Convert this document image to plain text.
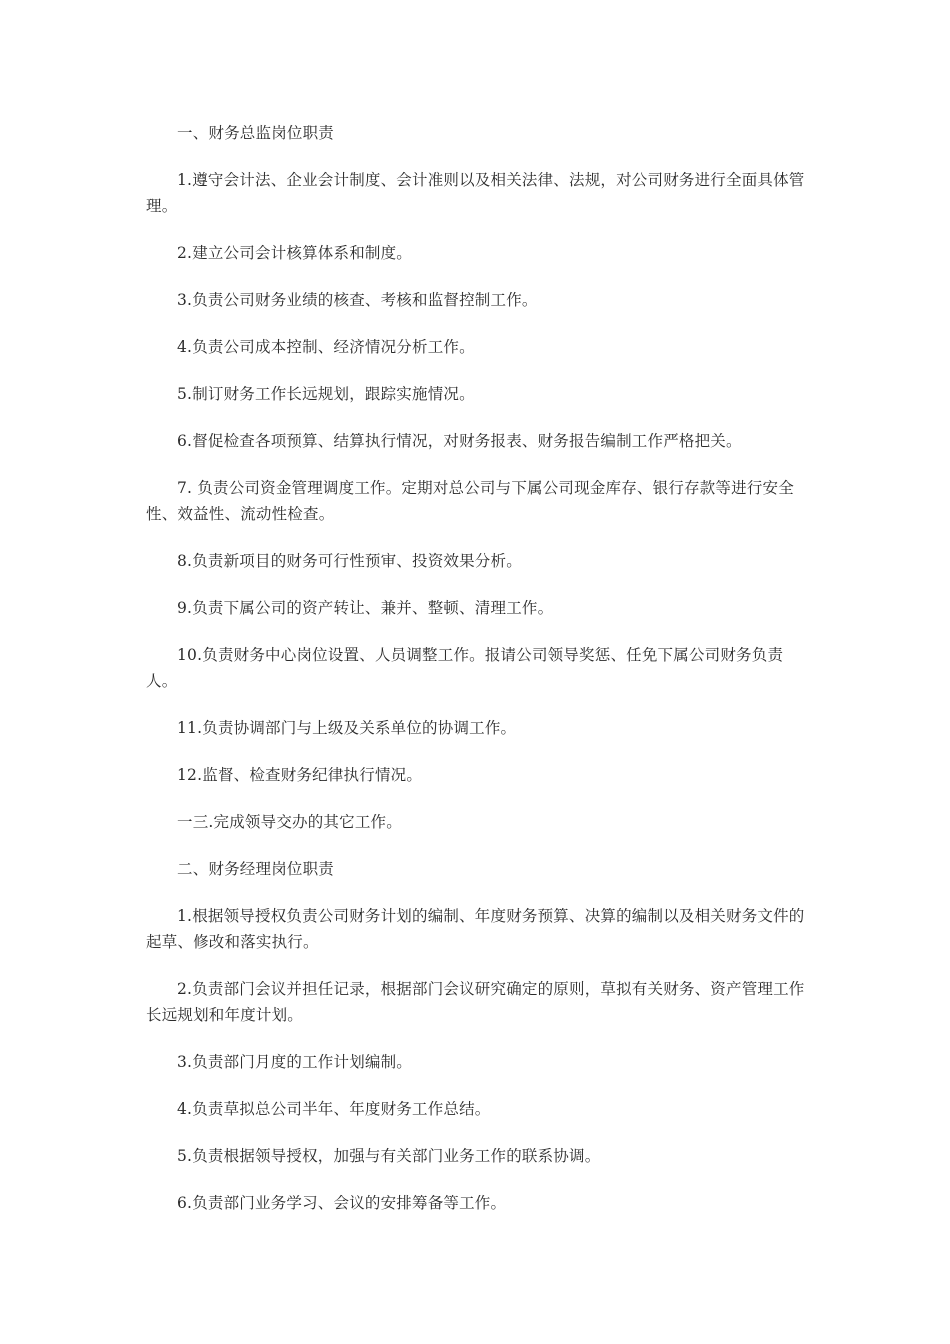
一、财务总监岗位职责

1.遵守会计法、企业会计制度、会计准则以及相关法律、法规，对公司财务进行全面具体管理。

2.建立公司会计核算体系和制度。

3.负责公司财务业绩的核查、考核和监督控制工作。

4.负责公司成本控制、经济情况分析工作。

5.制订财务工作长远规划，跟踪实施情况。

6.督促检查各项预算、结算执行情况，对财务报表、财务报告编制工作严格把关。

7. 负责公司资金管理调度工作。定期对总公司与下属公司现金库存、银行存款等进行安全性、效益性、流动性检查。

8.负责新项目的财务可行性预审、投资效果分析。

9.负责下属公司的资产转让、兼并、整顿、清理工作。

10.负责财务中心岗位设置、人员调整工作。报请公司领导奖惩、任免下属公司财务负责人。

11.负责协调部门与上级及关系单位的协调工作。

12.监督、检查财务纪律执行情况。

一三.完成领导交办的其它工作。

二、财务经理岗位职责

1.根据领导授权负责公司财务计划的编制、年度财务预算、决算的编制以及相关财务文件的起草、修改和落实执行。

2.负责部门会议并担任记录，根据部门会议研究确定的原则，草拟有关财务、资产管理工作长远规划和年度计划。

3.负责部门月度的工作计划编制。

4.负责草拟总公司半年、年度财务工作总结。

5.负责根据领导授权，加强与有关部门业务工作的联系协调。

6.负责部门业务学习、会议的安排筹备等工作。
